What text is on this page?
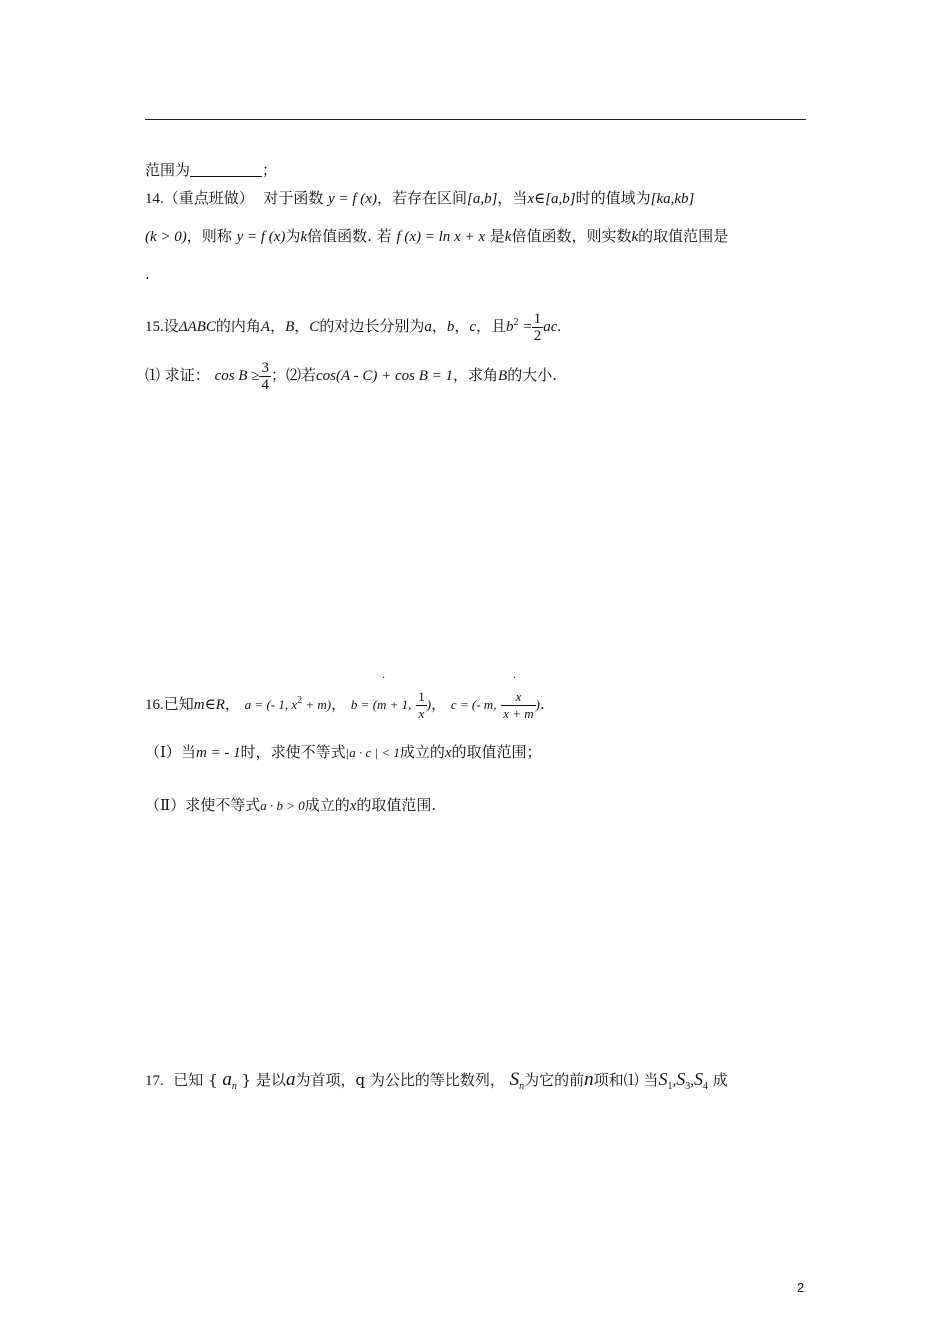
范围为	；
14.（重点班做） 对于函数 y = f (x)，若存在区间[a,b]，当x∈[a,b]时的值域为[ka,kb]
(k > 0)，则称 y = f (x)为k倍值函数. 若 f (x) = ln x + x 是k倍值函数，则实数k的取值范围是
.
15.设ΔABC的内角A，B，C的对边长分别为a，b，c，且$b^2 = \frac{1}{2}$ ac.
⑴ 求证： $\cos B \ge \frac{3}{4}$ ；⑵若cos(A - C) + cos B = 1，求角B的大小.
16.已知m∈R， a = (- 1, $x^2 + m$)， b = (m + 1, $\frac{1}{x}$ )， c = (- m, $\frac{x}{x + m}$ ).
·	·
（Ⅰ）当m = - 1时，求使不等式|a · c | < 1成立的x的取值范围；
（Ⅱ）求使不等式a · b > 0成立的x的取值范围.
17. 已知 { $a_n$ } 是以a为首项，q 为公比的等比数列， $S_n$为它的前n项和⑴ 当$S_1,S_3,S_4$ 成
2
